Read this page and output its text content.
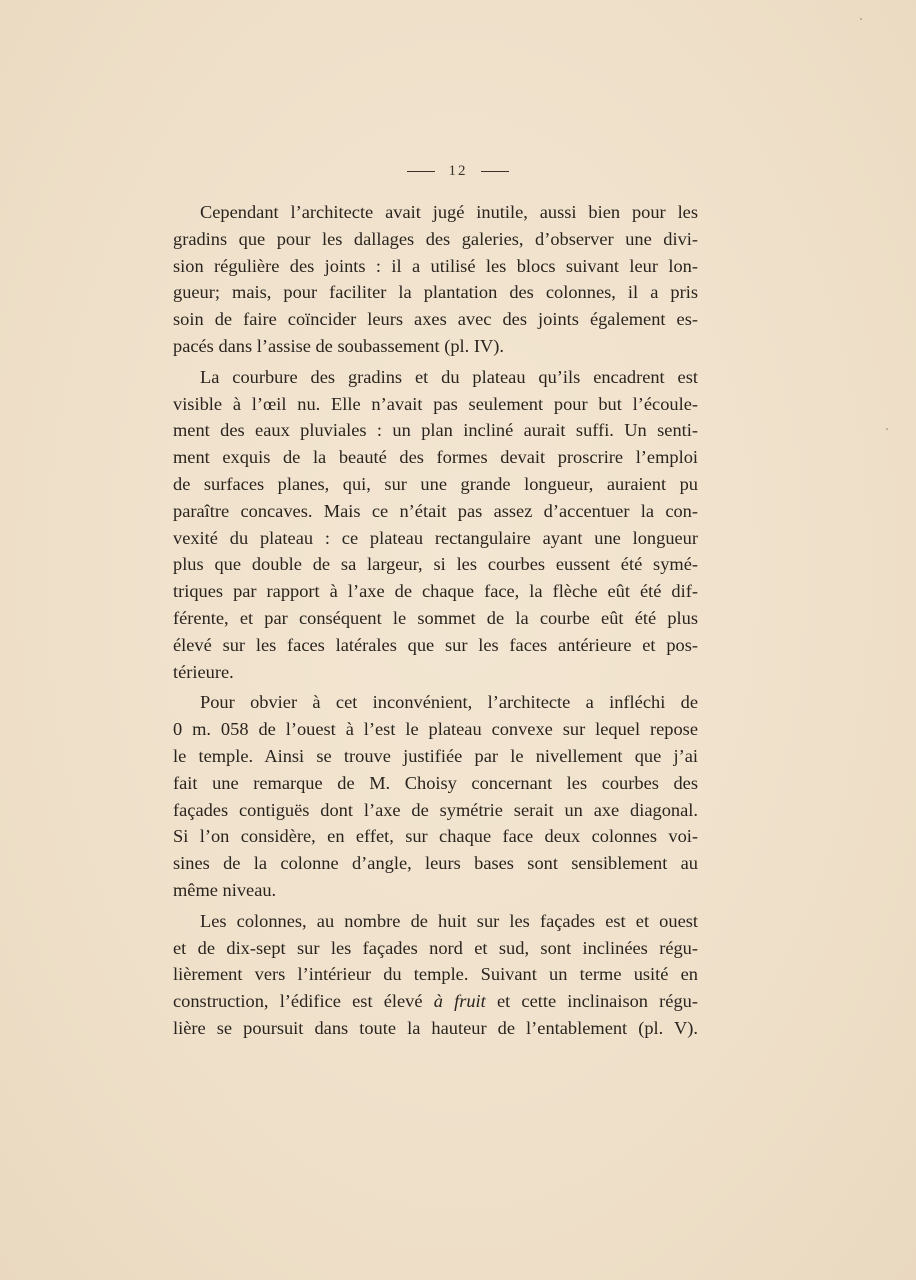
12

Cependant l’architecte avait jugé inutile, aussi bien pour les
gradins que pour les dallages des galeries, d’observer une divi-
sion régulière des joints : il a utilisé les blocs suivant leur lon-
gueur; mais, pour faciliter la plantation des colonnes, il a pris
soin de faire coïncider leurs axes avec des joints également es-
pacés dans l’assise de soubassement (pl. IV).

La courbure des gradins et du plateau qu’ils encadrent est
visible à l’œil nu. Elle n’avait pas seulement pour but l’écoule-
ment des eaux pluviales : un plan incliné aurait suffi. Un senti-
ment exquis de la beauté des formes devait proscrire l’emploi
de surfaces planes, qui, sur une grande longueur, auraient pu
paraître concaves. Mais ce n’était pas assez d’accentuer la con-
vexité du plateau : ce plateau rectangulaire ayant une longueur
plus que double de sa largeur, si les courbes eussent été symé-
triques par rapport à l’axe de chaque face, la flèche eût été dif-
férente, et par conséquent le sommet de la courbe eût été plus
élevé sur les faces latérales que sur les faces antérieure et pos-
térieure.

Pour obvier à cet inconvénient, l’architecte a infléchi de
0 m. 058 de l’ouest à l’est le plateau convexe sur lequel repose
le temple. Ainsi se trouve justifiée par le nivellement que j’ai
fait une remarque de M. Choisy concernant les courbes des
façades contiguës dont l’axe de symétrie serait un axe diagonal.
Si l’on considère, en effet, sur chaque face deux colonnes voi-
sines de la colonne d’angle, leurs bases sont sensiblement au
même niveau.

Les colonnes, au nombre de huit sur les façades est et ouest
et de dix-sept sur les façades nord et sud, sont inclinées régu-
lièrement vers l’intérieur du temple. Suivant un terme usité en
construction, l’édifice est élevé à fruit et cette inclinaison régu-
lière se poursuit dans toute la hauteur de l’entablement (pl. V).
